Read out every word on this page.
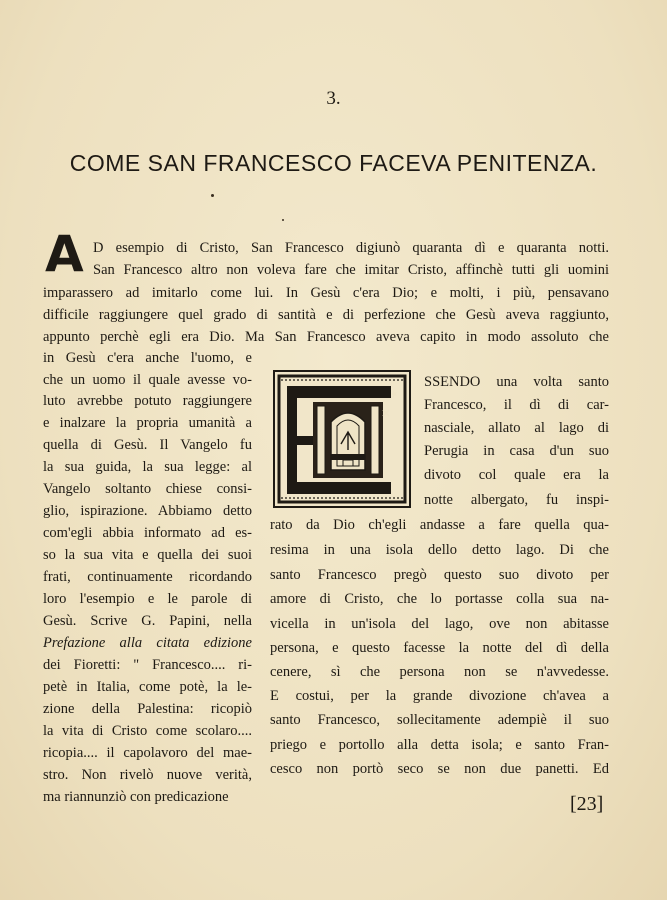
3.
COME SAN FRANCESCO FACEVA PENITENZA.
A D esempio di Cristo, San Francesco digiunò quaranta dì e quaranta notti.
San Francesco altro non voleva fare che imitar Cristo, affinchè tutti gli uomini
imparassero ad imitarlo come lui. In Gesù c'era Dio; e molti, i più, pensavano
difficile raggiungere quel grado di santità e di perfezione che Gesù aveva raggiunto,
appunto perchè egli era Dio. Ma San Francesco aveva capito in modo assoluto che
in Gesù c'era anche l'uomo, e
che un uomo il quale avesse vo-
luto avrebbe potuto raggiungere
e inalzare la propria umanità a
quella di Gesù. Il Vangelo fu
la sua guida, la sua legge: al
Vangelo soltanto chiese consi-
glio, ispirazione. Abbiamo detto
com'egli abbia informato ad es-
so la sua vita e quella dei suoi
frati, continuamente ricordando
loro l'esempio e le parole di
Gesù. Scrive G. Papini, nella
Prefazione alla citata edizione
dei Fioretti: " Francesco.... ri-
petè in Italia, come potè, la le-
zione della Palestina: ricopiò
la vita di Cristo come scolaro....
ricopia.... il capolavoro del mae-
stro. Non rivelò nuove verità,
ma riannunziò con predicazione
SSENDO una volta santo
Francesco, il dì di car-
nasciale, allato al lago di
Perugia in casa d'un suo
divoto col quale era la
notte albergato, fu inspi-
rato da Dio ch'egli andasse a fare quella qua-
resima in una isola dello detto lago. Di che
santo Francesco pregò questo suo divoto per
amore di Cristo, che lo portasse colla sua na-
vicella in un'isola del lago, ove non abitasse
persona, e questo facesse la notte del dì della
cenere, sì che persona non se n'avvedesse.
E costui, per la grande divozione ch'avea a
santo Francesco, sollecitamente adempiè il suo
priego e portollo alla detta isola; e santo Fran-
cesco non portò seco se non due panetti. Ed
[23]
